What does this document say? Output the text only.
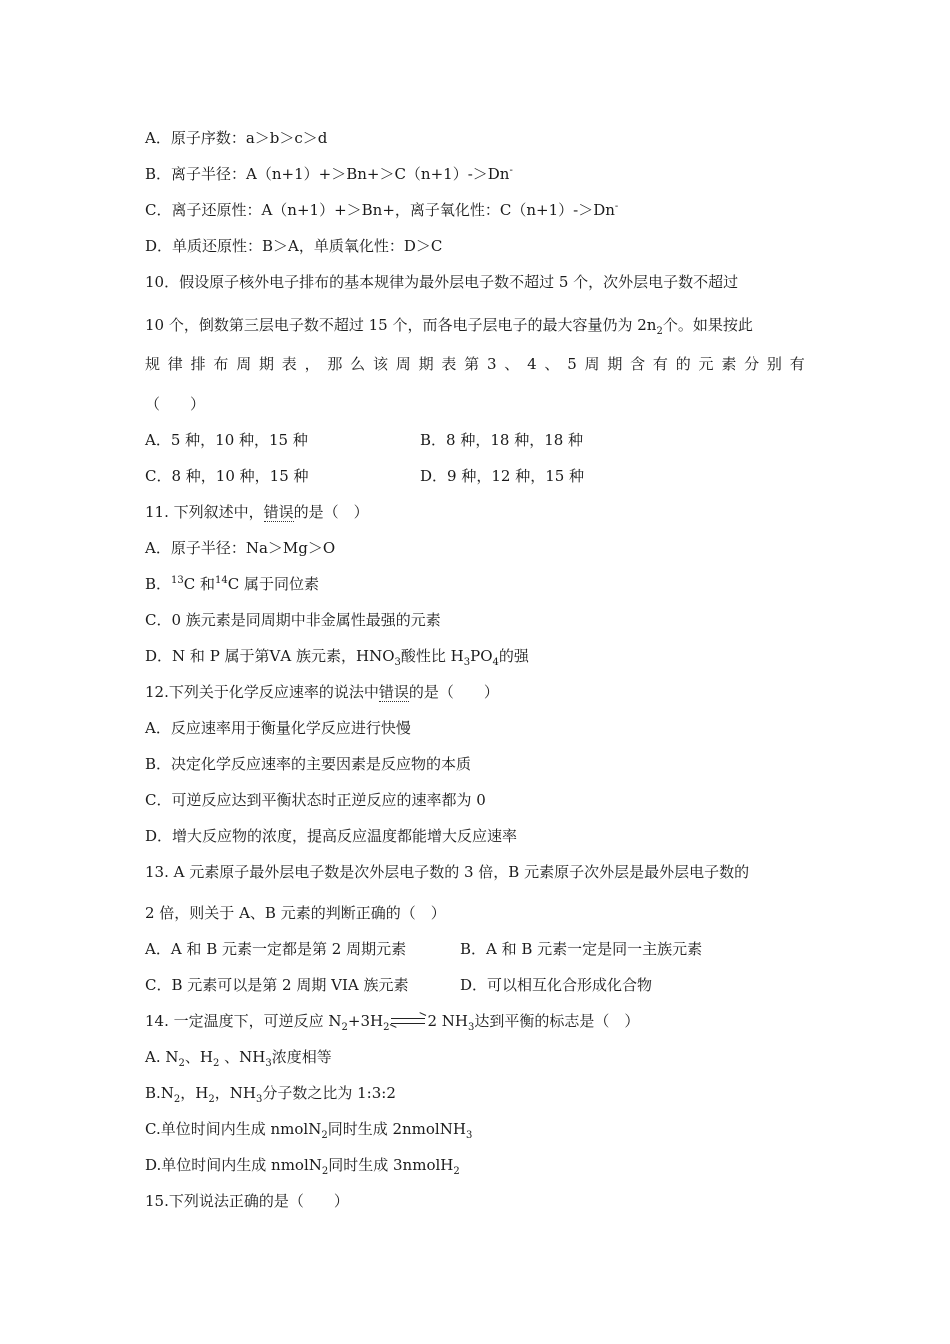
A．原子序数：a＞b＞c＞d
B．离子半径：A（n+1）+＞Bn+＞C（n+1）-＞Dn-
C．离子还原性：A（n+1）+＞Bn+，离子氧化性：C（n+1）-＞Dn-
D．单质还原性：B＞A，单质氧化性：D＞C
10．假设原子核外电子排布的基本规律为最外层电子数不超过 5 个，次外层电子数不超过
10 个，倒数第三层电子数不超过 15 个，而各电子层电子的最大容量仍为 $2n_2$个。如果按此
规 律 排 布 周 期 表 ， 那 么 该 周 期 表 第 3 、 4 、 5 周 期 含 有 的 元 素 分 别 有
（　　）
A．5 种，10 种，15 种	B．8 种，18 种，18 种
C．8 种，10 种，15 种	D．9 种，12 种，15 种
11. 下列叙述中，错误的是（　）
A．原子半径：Na＞Mg＞O
B．$^{13}$C 和$^{14}$C 属于同位素
C．0 族元素是同周期中非金属性最强的元素
D．N 和 P 属于第ⅤA 族元素，$HNO_3$酸性比 $H_3PO_4$的强
12.下列关于化学反应速率的说法中错误的是（　　）
A．反应速率用于衡量化学反应进行快慢
B．决定化学反应速率的主要因素是反应物的本质
C．可逆反应达到平衡状态时正逆反应的速率都为 0
D．增大反应物的浓度，提高反应温度都能增大反应速率
13. A 元素原子最外层电子数是次外层电子数的 3 倍，B 元素原子次外层是最外层电子数的
2 倍，则关于 A、B 元素的判断正确的（　）
A．A 和 B 元素一定都是第 2 周期元素	B．A 和 B 元素一定是同一主族元素
C．B 元素可以是第 2 周期 VIA 族元素	D．可以相互化合形成化合物
14. 一定温度下，可逆反应 $N_2+3H_2\rightleftharpoons 2$ $NH_3$达到平衡的标志是（　）
A. $N_2$、$H_2$ 、$NH_3$浓度相等
$B.N_2$，$H_2$，$NH_3$分子数之比为 1:3:2
C.单位时间内生成 nmolN$_2$同时生成 2nmolNH$_3$
D.单位时间内生成 nmolN$_2$同时生成 3nmolH$_2$
15.下列说法正确的是（　　）
